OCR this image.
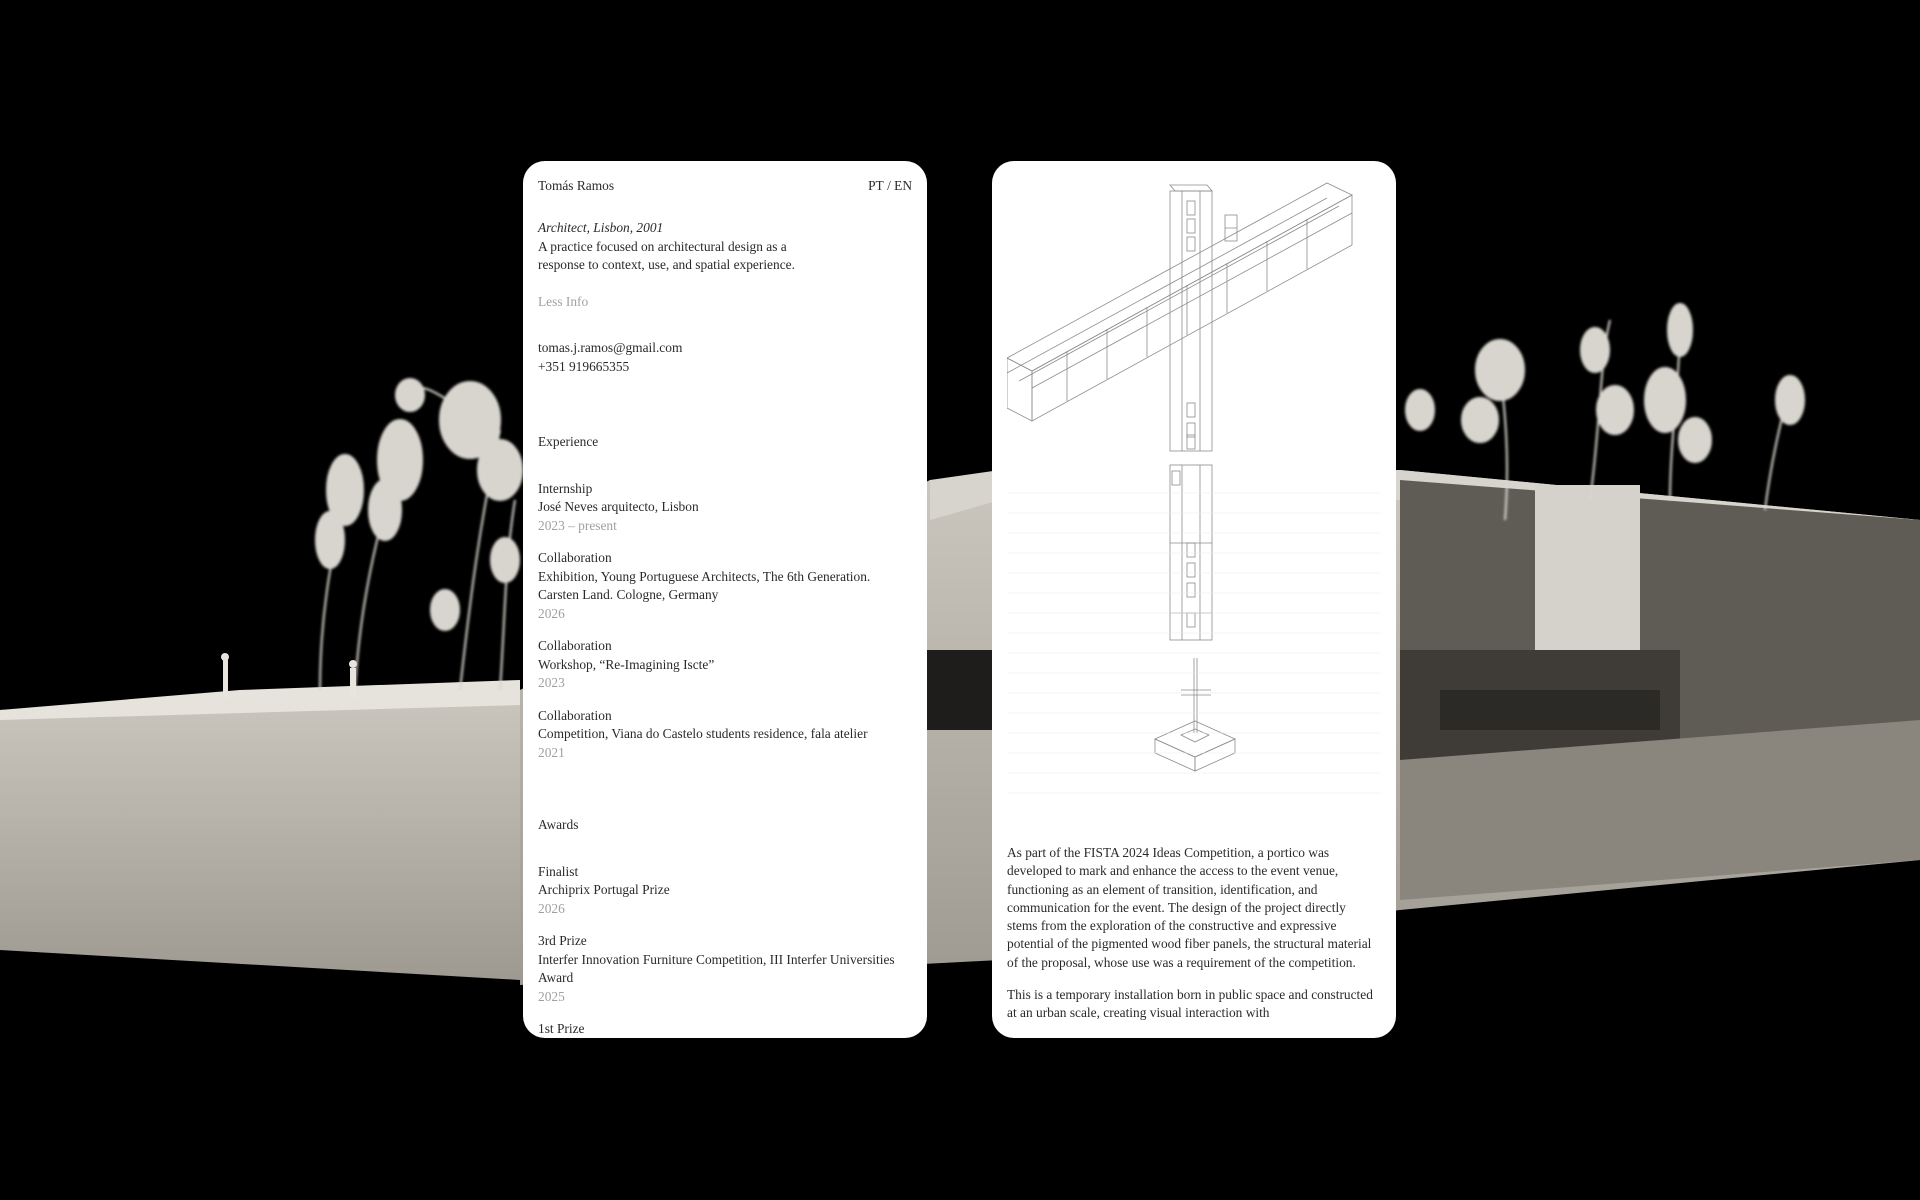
Tomás Ramos	PT / EN
Architect, Lisbon, 2001
A practice focused on architectural design as a
response to context, use, and spatial experience.
Less Info
tomas.j.ramos@gmail.com
+351 919665355
Experience
Internship
José Neves arquitecto, Lisbon
2023 – present
Collaboration
Exhibition, Young Portuguese Architects, The 6th Generation.
Carsten Land. Cologne, Germany
2026
Collaboration
Workshop, “Re-Imagining Iscte”
2023
Collaboration
Competition, Viana do Castelo students residence, fala atelier
2021
Awards
Finalist
Archiprix Portugal Prize
2026
3rd Prize
Interfer Innovation Furniture Competition, III Interfer Universities
Award
2025
1st Prize

As part of the FISTA 2024 Ideas Competition, a portico was developed to mark and enhance the access to the event venue, functioning as an element of transition, identification, and communication for the event. The design of the project directly stems from the exploration of the constructive and expressive potential of the pigmented wood fiber panels, the structural material of the proposal, whose use was a requirement of the competition.

This is a temporary installation born in public space and constructed at an urban scale, creating visual interaction with
